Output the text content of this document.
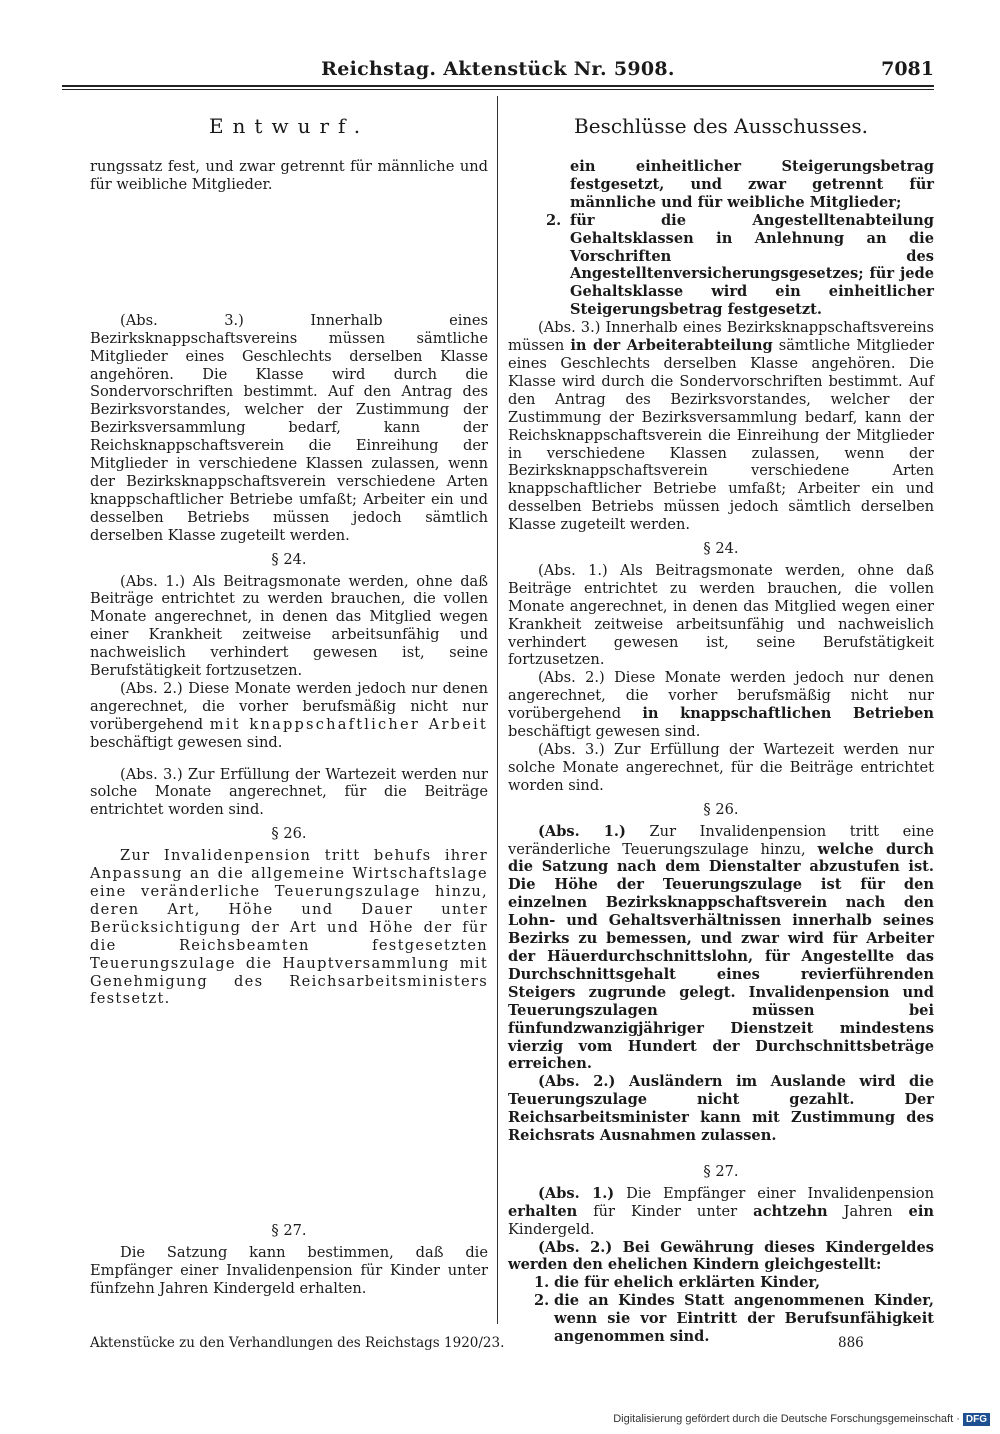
Reichstag. Aktenstück Nr. 5908.	7081
Entwurf.

rungssatz fest, und zwar getrennt für männliche und für weibliche Mitglieder.

(Abs. 3.) Innerhalb eines Bezirksknappschaftsvereins müssen sämtliche Mitglieder eines Geschlechts derselben Klasse angehören. Die Klasse wird durch die Sondervorschriften bestimmt. Auf den Antrag des Bezirksvorstandes, welcher der Zustimmung der Bezirksversammlung bedarf, kann der Reichsknappschaftsverein die Einreihung der Mitglieder in verschiedene Klassen zulassen, wenn der Bezirksknappschaftsverein verschiedene Arten knappschaftlicher Betriebe umfaßt; Arbeiter ein und desselben Betriebs müssen jedoch sämtlich derselben Klasse zugeteilt werden.

§ 24.

(Abs. 1.) Als Beitragsmonate werden, ohne daß Beiträge entrichtet zu werden brauchen, die vollen Monate angerechnet, in denen das Mitglied wegen einer Krankheit zeitweise arbeitsunfähig und nachweislich verhindert gewesen ist, seine Berufstätigkeit fortzusetzen.

(Abs. 2.) Diese Monate werden jedoch nur denen angerechnet, die vorher berufsmäßig nicht nur vorübergehend mit knappschaftlicher Arbeit beschäftigt gewesen sind.

(Abs. 3.) Zur Erfüllung der Wartezeit werden nur solche Monate angerechnet, für die Beiträge entrichtet worden sind.

§ 26.

Zur Invalidenpension tritt behufs ihrer Anpassung an die allgemeine Wirtschaftslage eine veränderliche Teuerungszulage hinzu, deren Art, Höhe und Dauer unter Berücksichtigung der Art und Höhe der für die Reichsbeamten festgesetzten Teuerungszulage die Hauptversammlung mit Genehmigung des Reichsarbeitsministers festsetzt.

§ 27.

Die Satzung kann bestimmen, daß die Empfänger einer Invalidenpension für Kinder unter fünfzehn Jahren Kindergeld erhalten.

Beschlüsse des Ausschusses.

ein einheitlicher Steigerungsbetrag festgesetzt, und zwar getrennt für männliche und für weibliche Mitglieder;

2. für die Angestelltenabteilung Gehaltsklassen in Anlehnung an die Vorschriften des Angestelltenversicherungsgesetzes; für jede Gehaltsklasse wird ein einheitlicher Steigerungsbetrag festgesetzt.

(Abs. 3.) Innerhalb eines Bezirksknappschaftsvereins müssen in der Arbeiterabteilung sämtliche Mitglieder eines Geschlechts derselben Klasse angehören. Die Klasse wird durch die Sondervorschriften bestimmt. Auf den Antrag des Bezirksvorstandes, welcher der Zustimmung der Bezirksversammlung bedarf, kann der Reichsknappschaftsverein die Einreihung der Mitglieder in verschiedene Klassen zulassen, wenn der Bezirksknappschaftsverein verschiedene Arten knappschaftlicher Betriebe umfaßt; Arbeiter ein und desselben Betriebs müssen jedoch sämtlich derselben Klasse zugeteilt werden.

§ 24.

(Abs. 1.) Als Beitragsmonate werden, ohne daß Beiträge entrichtet zu werden brauchen, die vollen Monate angerechnet, in denen das Mitglied wegen einer Krankheit zeitweise arbeitsunfähig und nachweislich verhindert gewesen ist, seine Berufstätigkeit fortzusetzen.

(Abs. 2.) Diese Monate werden jedoch nur denen angerechnet, die vorher berufsmäßig nicht nur vorübergehend in knappschaftlichen Betrieben beschäftigt gewesen sind.

(Abs. 3.) Zur Erfüllung der Wartezeit werden nur solche Monate angerechnet, für die Beiträge entrichtet worden sind.

§ 26.

(Abs. 1.) Zur Invalidenpension tritt eine veränderliche Teuerungszulage hinzu, welche durch die Satzung nach dem Dienstalter abzustufen ist. Die Höhe der Teuerungszulage ist für den einzelnen Bezirksknappschaftsverein nach den Lohn- und Gehaltsverhältnissen innerhalb seines Bezirks zu bemessen, und zwar wird für Arbeiter der Häuerdurchschnittslohn, für Angestellte das Durchschnittsgehalt eines revierführenden Steigers zugrunde gelegt. Invalidenpension und Teuerungszulagen müssen bei fünfundzwanzigjähriger Dienstzeit mindestens vierzig vom Hundert der Durchschnittsbeträge erreichen.

(Abs. 2.) Ausländern im Auslande wird die Teuerungszulage nicht gezahlt. Der Reichsarbeitsminister kann mit Zustimmung des Reichsrats Ausnahmen zulassen.

§ 27.

(Abs. 1.) Die Empfänger einer Invalidenpension erhalten für Kinder unter achtzehn Jahren ein Kindergeld.

(Abs. 2.) Bei Gewährung dieses Kindergeldes werden den ehelichen Kindern gleichgestellt:

1. die für ehelich erklärten Kinder,
2. die an Kindes Statt angenommenen Kinder, wenn sie vor Eintritt der Berufsunfähigkeit angenommen sind.
Aktenstücke zu den Verhandlungen des Reichstags 1920/23.	886
Digitalisierung gefördert durch die Deutsche Forschungsgemeinschaft · DFG
